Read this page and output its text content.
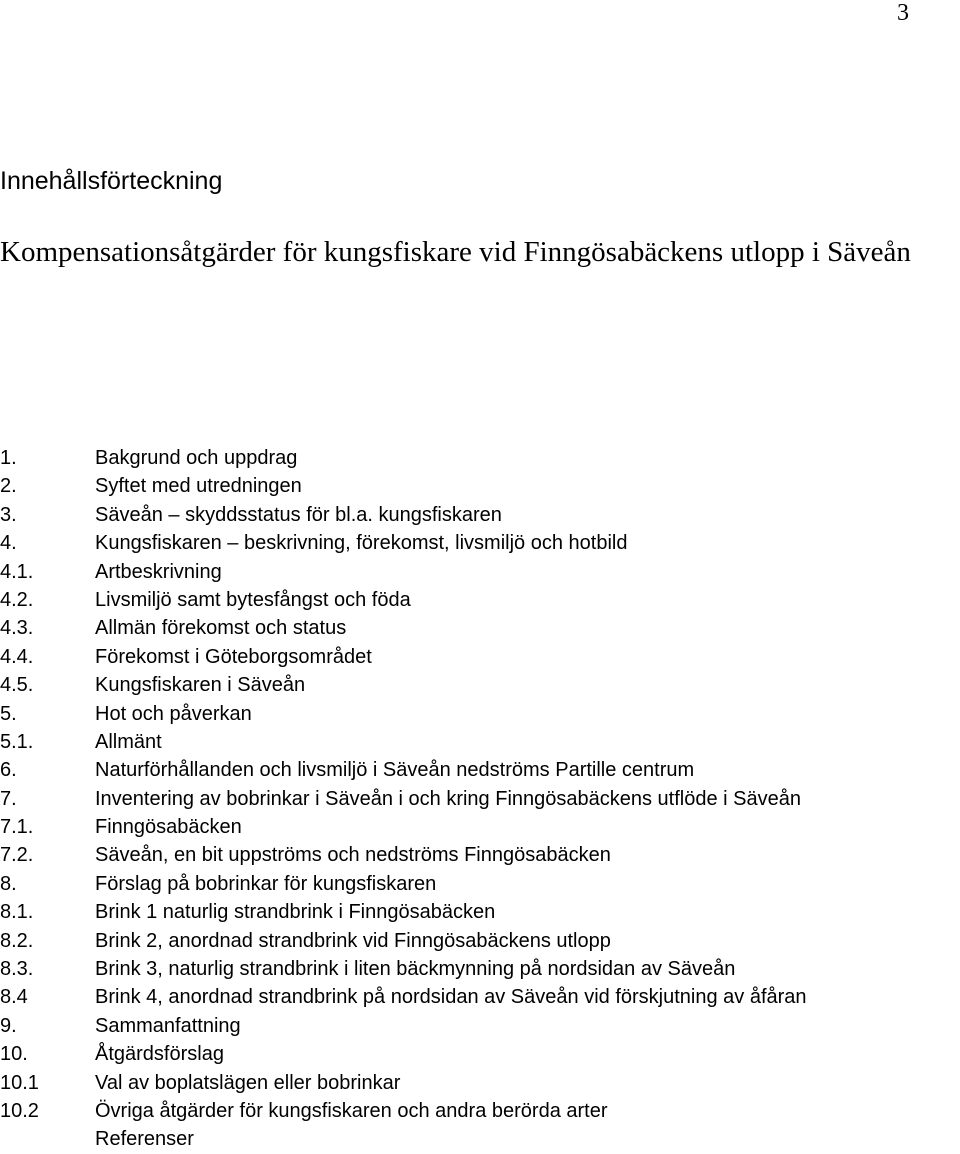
3
Innehållsförteckning
Kompensationsåtgärder för kungsfiskare vid Finngösabäckens utlopp i Säveån
1.	Bakgrund och uppdrag
2.	Syftet med utredningen
3.	Säveån – skyddsstatus för bl.a. kungsfiskaren
4.	Kungsfiskaren – beskrivning, förekomst, livsmiljö och hotbild
4.1.	Artbeskrivning
4.2.	Livsmiljö samt bytesfångst och föda
4.3.	Allmän förekomst och status
4.4.	Förekomst i Göteborgsområdet
4.5.	Kungsfiskaren i Säveån
5.	Hot och påverkan
5.1.	Allmänt
6.	Naturförhållanden och livsmiljö i Säveån nedströms Partille centrum
7.	Inventering av bobrinkar i Säveån i och kring Finngösabäckens utflöde i Säveån
7.1.	Finngösabäcken
7.2.	Säveån, en bit uppströms och nedströms Finngösabäcken
8.	Förslag på bobrinkar för kungsfiskaren
8.1.	Brink 1 naturlig strandbrink i Finngösabäcken
8.2.	Brink 2, anordnad strandbrink vid Finngösabäckens utlopp
8.3.	Brink 3, naturlig strandbrink i liten bäckmynning på nordsidan av Säveån
8.4	Brink 4, anordnad strandbrink på nordsidan av Säveån vid förskjutning av åfåran
9.	Sammanfattning
10.	Åtgärdsförslag
10.1	Val av boplatslägen eller bobrinkar
10.2	Övriga åtgärder för kungsfiskaren och andra berörda arter
Referenser
